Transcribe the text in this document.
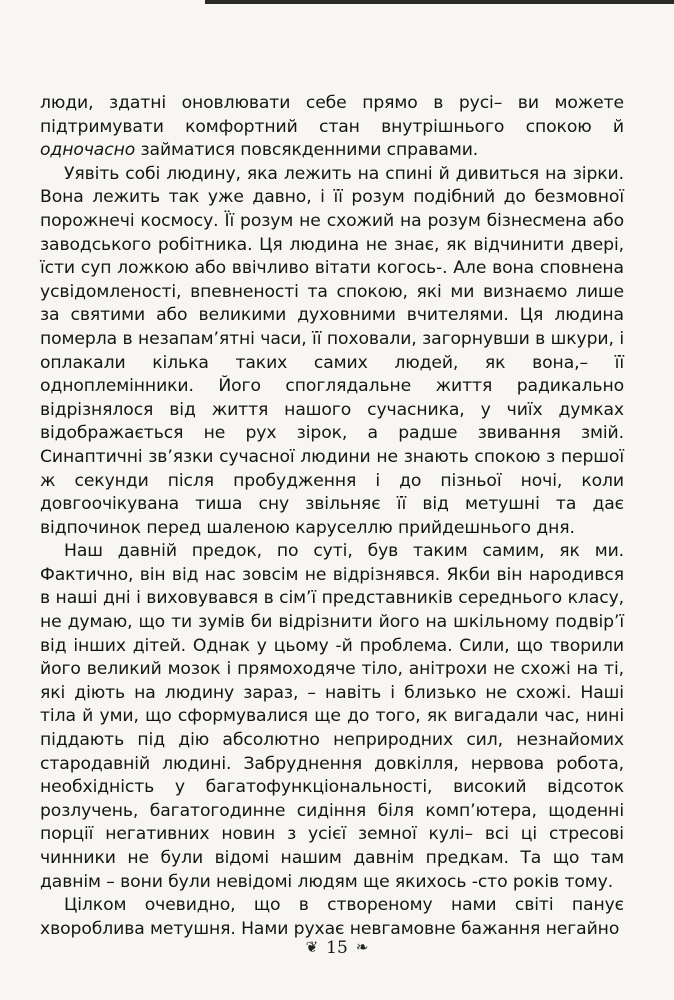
люди, здатні оновлювати себе прямо в русі– ви можете підтримувати комфортний стан внутрішнього спокою й одночасно займатися повсякденними справами.

Уявіть собі людину, яка лежить на спині й дивиться на зірки. Вона лежить так уже давно, і її розум подібний до безмовної порожнечі космосу. Її розум не схожий на розум бізнесмена або заводського робітника. Ця людина не знає, як відчинити двері, їсти суп ложкою або ввічливо вітати когось-. Але вона сповнена усвідомленості, впевненості та спокою, які ми визнаємо лише за святими або великими духовними вчителями. Ця людина померла в незапам’ятні часи, її поховали, загорнувши в шкури, і оплакали кілька таких самих людей, як вона,– її одноплемінники. Його споглядальне життя радикально відрізнялося від життя нашого сучасника, у чиїх думках відображається не рух зірок, а радше звивання змій. Синаптичні зв’язки сучасної людини не знають спокою з першої ж секунди після пробудження і до пізньої ночі, коли довгоочікувана тиша сну звільняє її від метушні та дає відпочинок перед шаленою каруселлю прийдешнього дня.

Наш давній предок, по суті, був таким самим, як ми. Фактично, він від нас зовсім не відрізнявся. Якби він народився в наші дні і виховувався в сім’ї представників середнього класу, не думаю, що ти зумів би відрізнити його на шкільному подвір’ї від інших дітей. Однак у цьому -й проблема. Сили, що творили його великий мозок і прямоходяче тіло, анітрохи не схожі на ті, які діють на людину зараз, – навіть і близько не схожі. Наші тіла й уми, що сформувалися ще до того, як вигадали час, нині піддають під дію абсолютно неприродних сил, незнайомих стародавній людині. Забруднення довкілля, нервова робота, необхідність у багатофункціональності, високий відсоток розлучень, багатогодинне сидіння біля комп’ютера, щоденні порції негативних новин з усієї земної кулі– всі ці стресові чинники не були відомі нашим давнім предкам. Та що там давнім – вони були невідомі людям ще якихось -сто років тому.

Цілком очевидно, що в створеному нами світі панує хвороблива метушня. Нами рухає невгамовне бажання негайно

❦ 15 ❧
